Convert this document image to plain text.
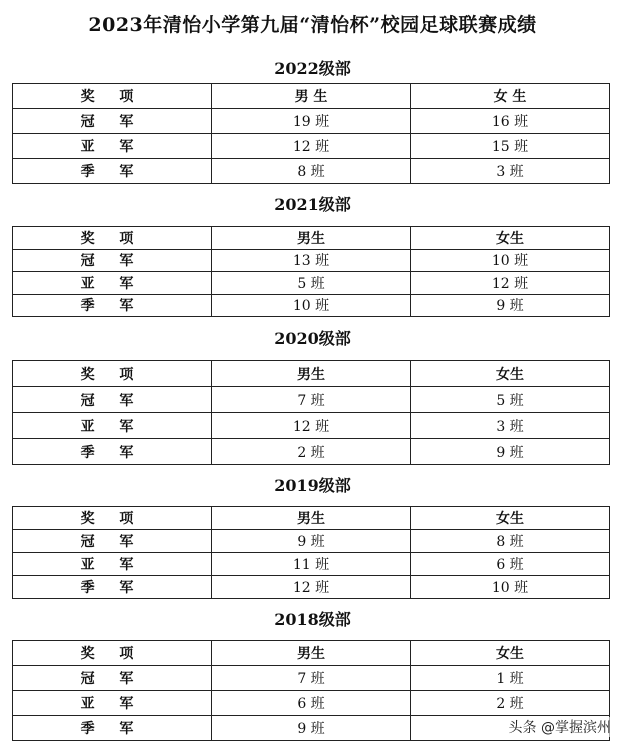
2023年清怡小学第九届“清怡杯”校园足球联赛成绩
2022级部
奖 项	男 生	女 生
冠 军	19 班	16 班
亚 军	12 班	15 班
季 军	8 班	3 班
2021级部
奖 项	男生	女生
冠 军	13 班	10 班
亚 军	5 班	12 班
季 军	10 班	9 班
2020级部
奖 项	男生	女生
冠 军	7 班	5 班
亚 军	12 班	3 班
季 军	2 班	9 班
2019级部
奖 项	男生	女生
冠 军	9 班	8 班
亚 军	11 班	6 班
季 军	12 班	10 班
2018级部
奖 项	男生	女生
冠 军	7 班	1 班
亚 军	6 班	2 班
季 军	9 班		头条 @掌握滨州
